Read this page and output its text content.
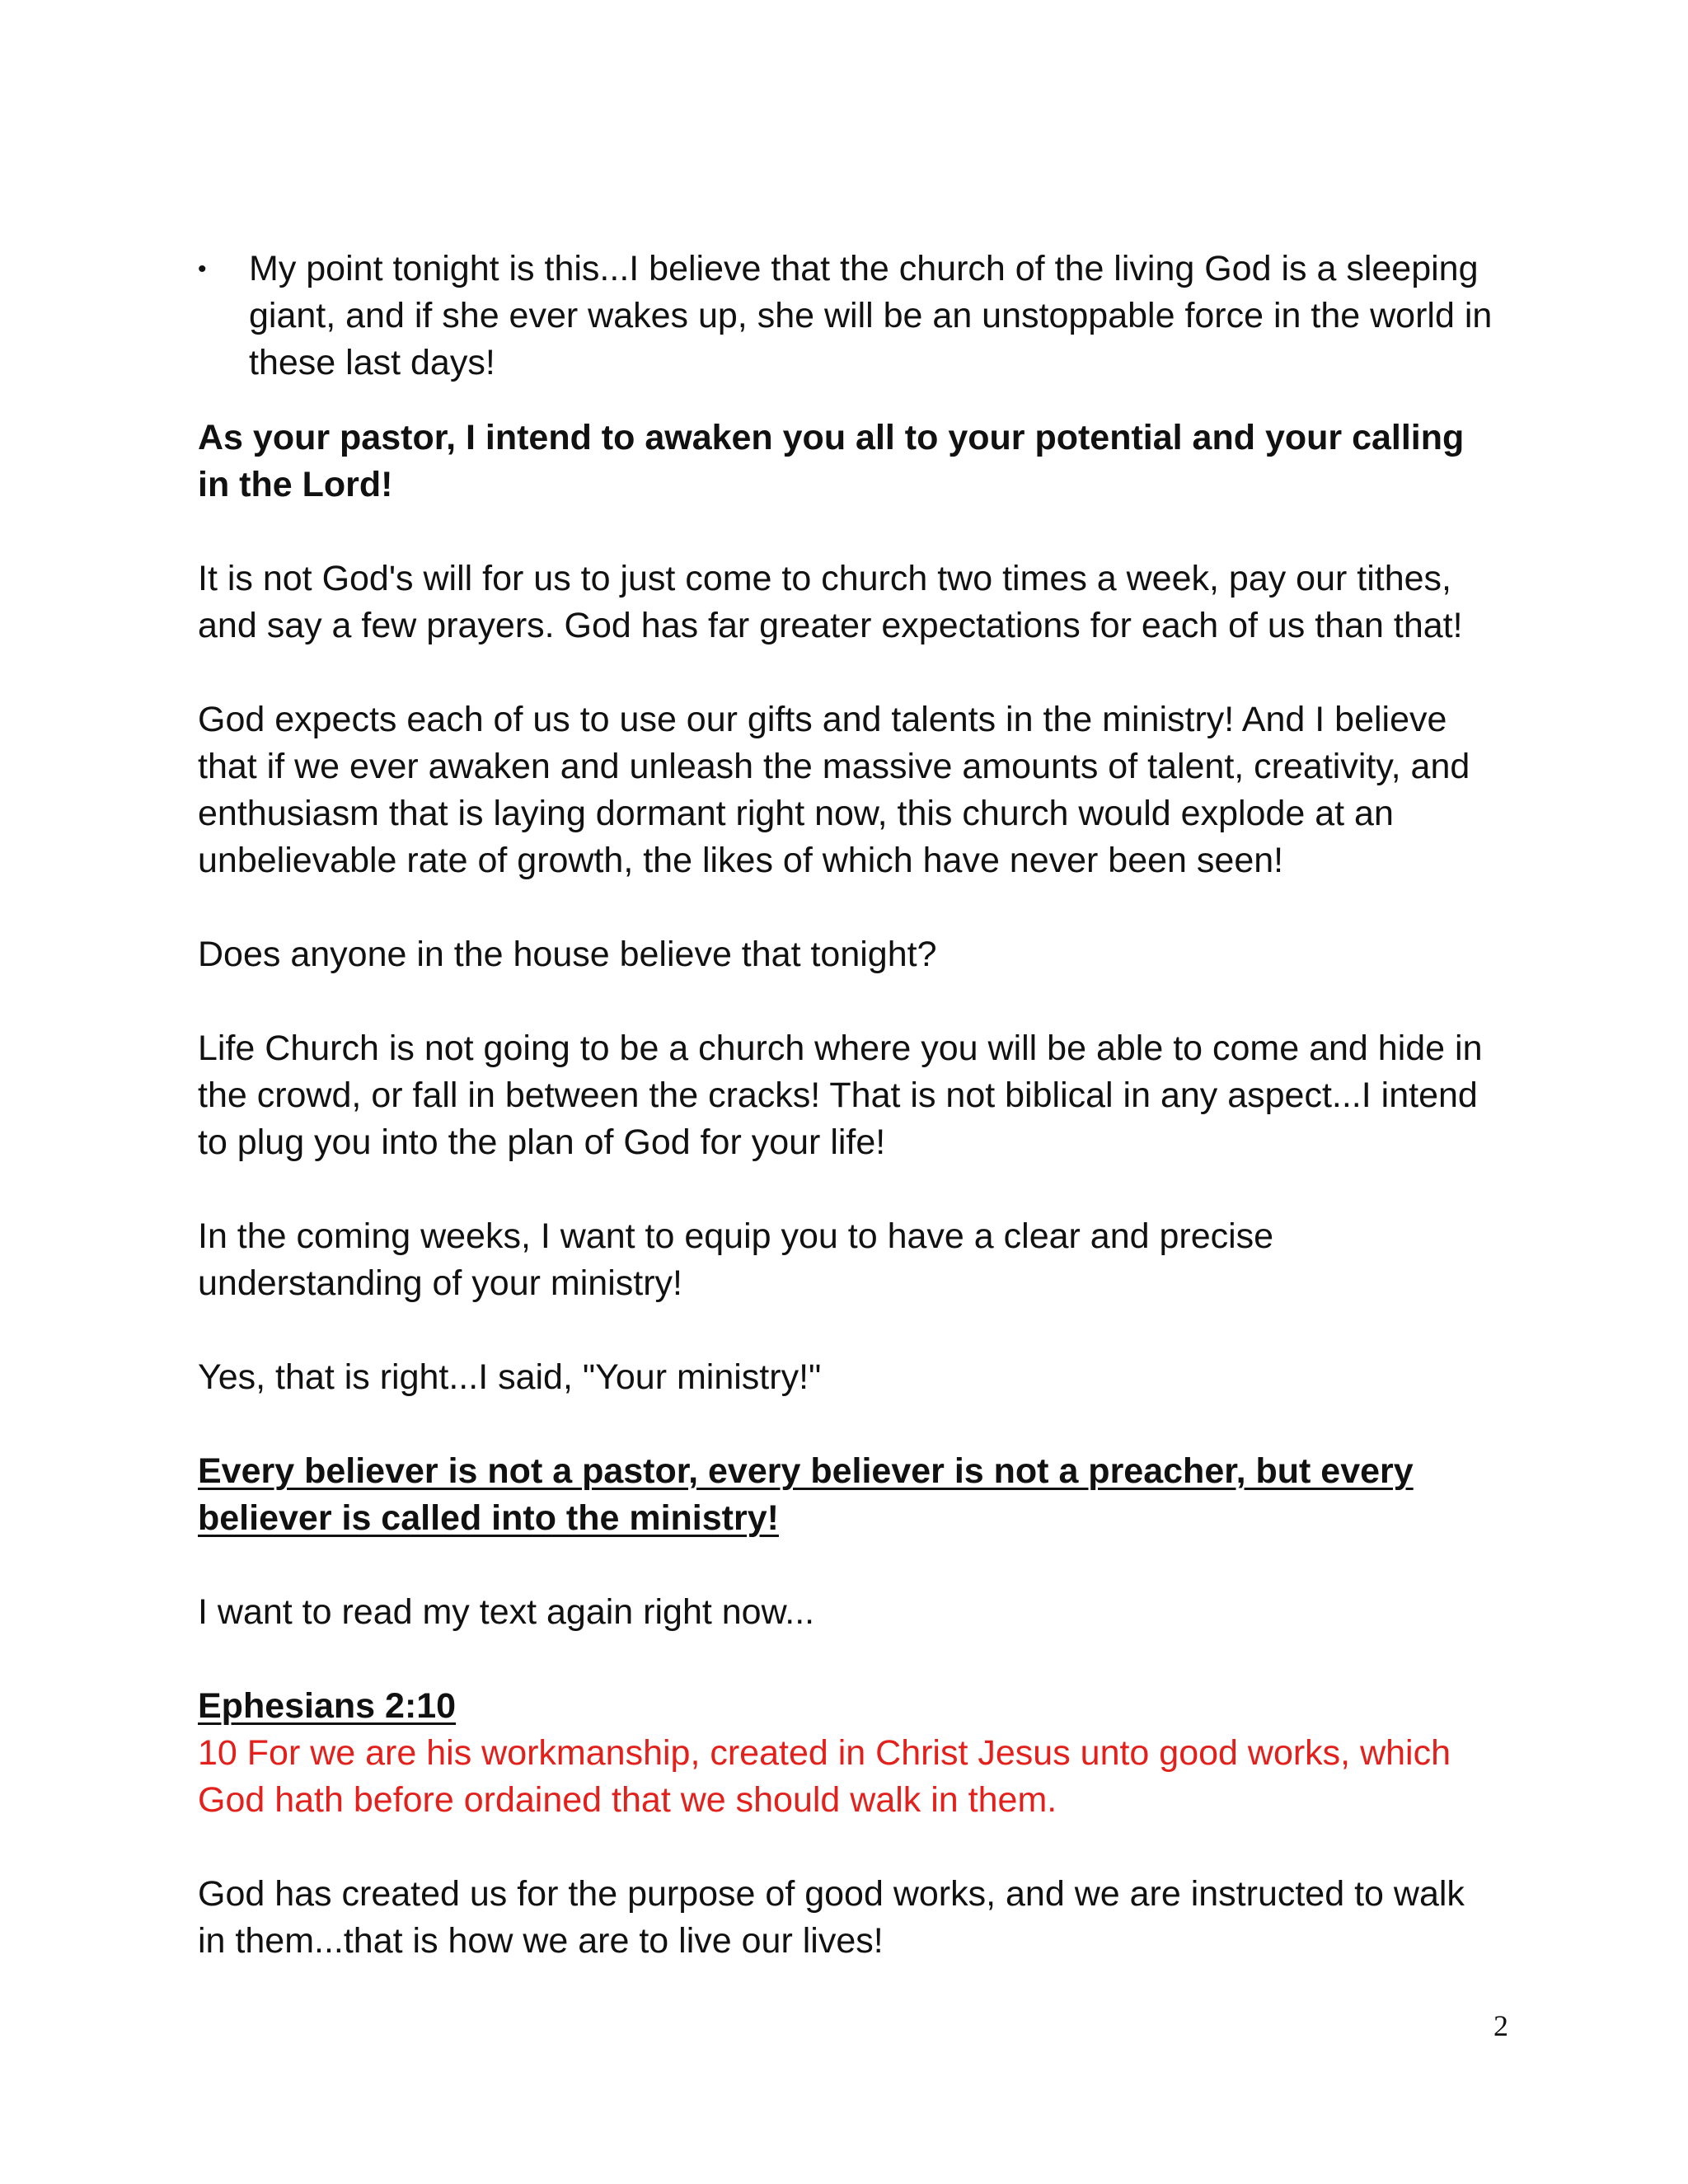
• My point tonight is this...I believe that the church of the living God is a sleeping giant, and if she ever wakes up, she will be an unstoppable force in the world in these last days!

As your pastor, I intend to awaken you all to your potential and your calling in the Lord!

It is not God's will for us to just come to church two times a week, pay our tithes, and say a few prayers. God has far greater expectations for each of us than that!

God expects each of us to use our gifts and talents in the ministry! And I believe that if we ever awaken and unleash the massive amounts of talent, creativity, and enthusiasm that is laying dormant right now, this church would explode at an unbelievable rate of growth, the likes of which have never been seen!

Does anyone in the house believe that tonight?

Life Church is not going to be a church where you will be able to come and hide in the crowd, or fall in between the cracks! That is not biblical in any aspect...I intend to plug you into the plan of God for your life!

In the coming weeks, I want to equip you to have a clear and precise understanding of your ministry!

Yes, that is right...I said, "Your ministry!"

Every believer is not a pastor, every believer is not a preacher, but every believer is called into the ministry!

I want to read my text again right now...

Ephesians 2:10

10 For we are his workmanship, created in Christ Jesus unto good works, which God hath before ordained that we should walk in them.

God has created us for the purpose of good works, and we are instructed to walk in them...that is how we are to live our lives!

2
